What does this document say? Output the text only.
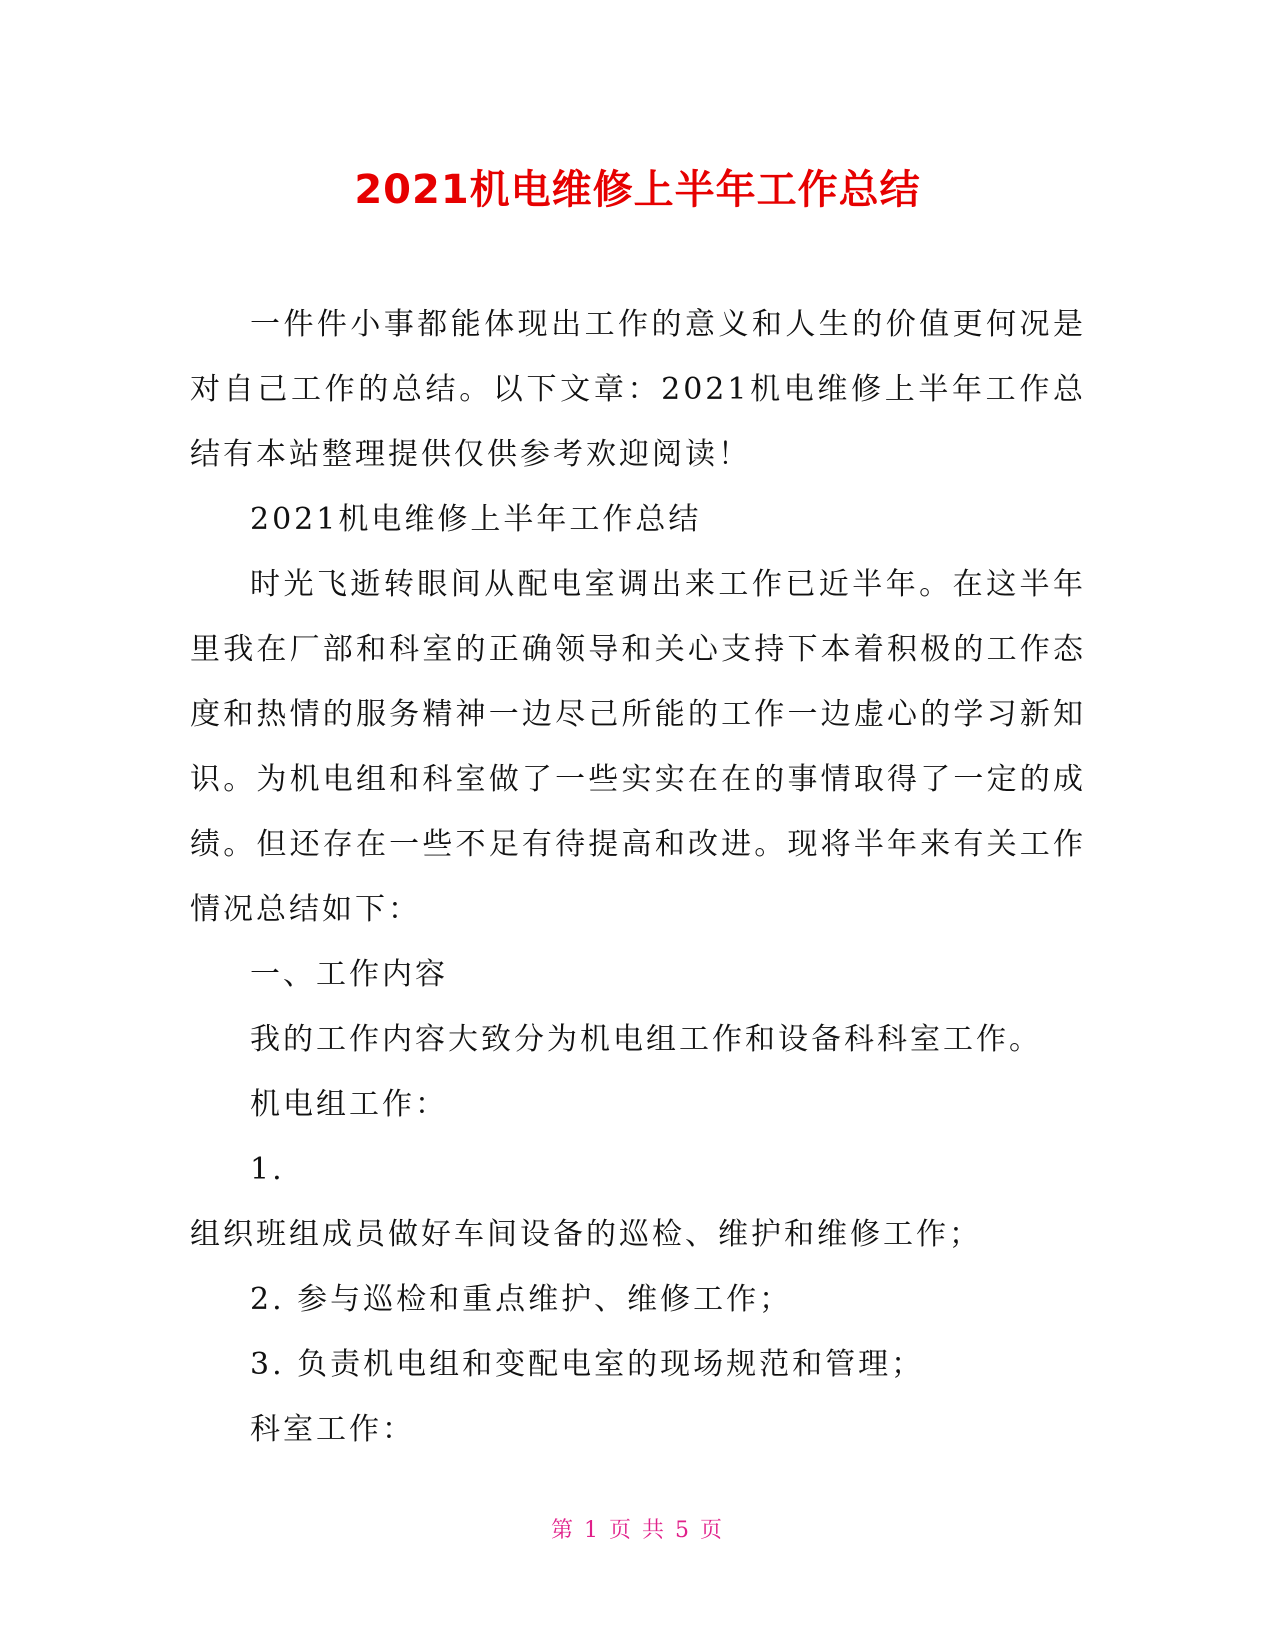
2021机电维修上半年工作总结

一件件小事都能体现出工作的意义和人生的价值更何况是对自己工作的总结。以下文章：2021机电维修上半年工作总结有本站整理提供仅供参考欢迎阅读！

2021机电维修上半年工作总结

时光飞逝转眼间从配电室调出来工作已近半年。在这半年里我在厂部和科室的正确领导和关心支持下本着积极的工作态度和热情的服务精神一边尽己所能的工作一边虚心的学习新知识。为机电组和科室做了一些实实在在的事情取得了一定的成绩。但还存在一些不足有待提高和改进。现将半年来有关工作情况总结如下：

一、工作内容

我的工作内容大致分为机电组工作和设备科科室工作。

机电组工作：

1.

组织班组成员做好车间设备的巡检、维护和维修工作；

2. 参与巡检和重点维护、维修工作；

3. 负责机电组和变配电室的现场规范和管理；

科室工作：

第 1 页 共 5 页
